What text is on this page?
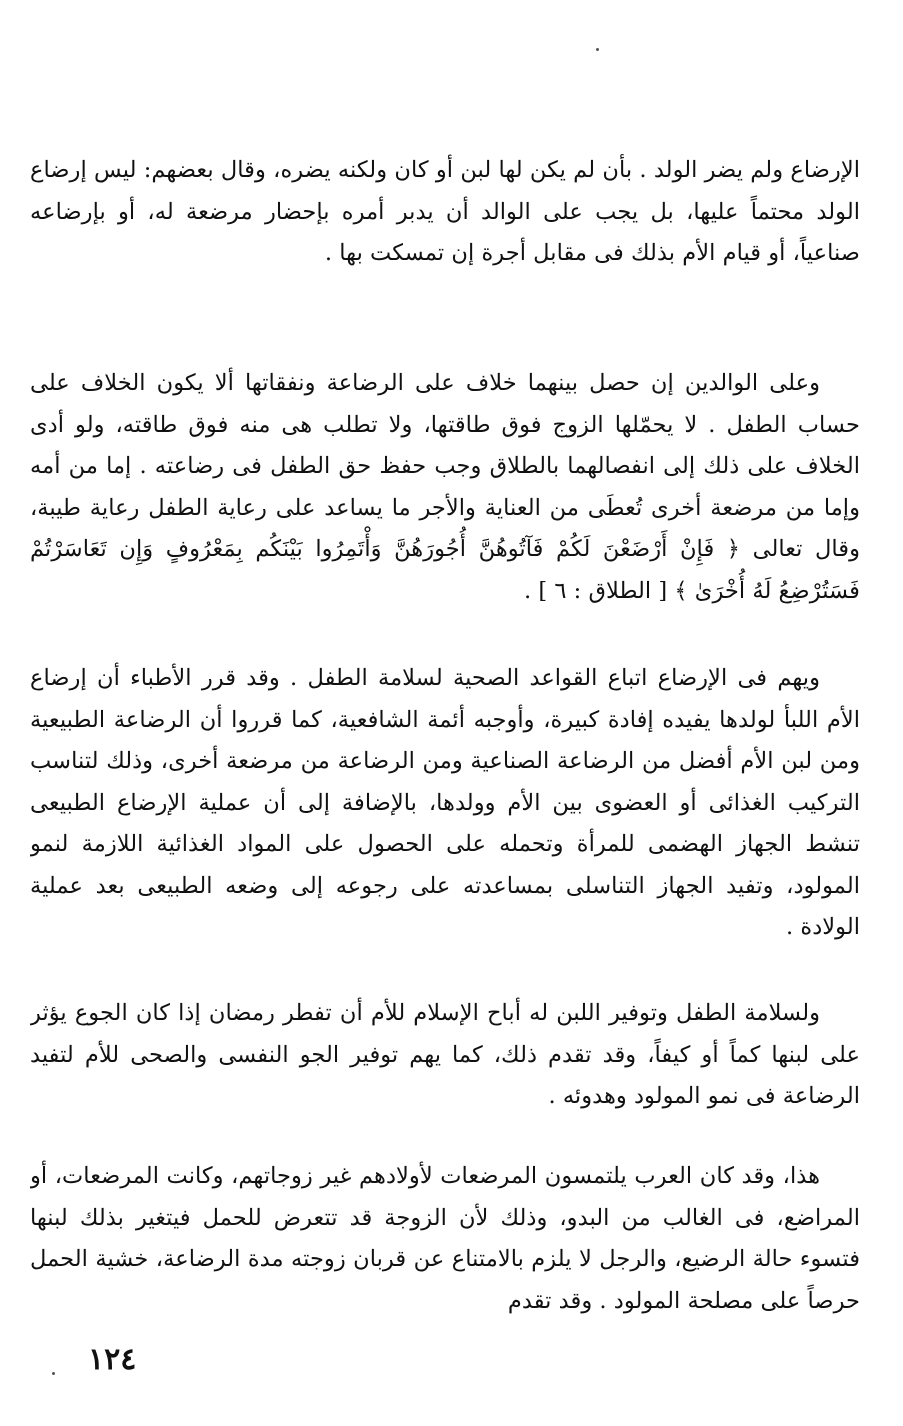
الإرضاع ولم يضر الولد . بأن لم يكن لها لبن أو كان ولكنه يضره، وقال بعضهم: ليس إرضاع الولد محتماً عليها، بل يجب على الوالد أن يدبر أمره بإحضار مرضعة له، أو بإرضاعه صناعياً، أو قيام الأم بذلك فى مقابل أجرة إن تمسكت بها .

وعلى الوالدين إن حصل بينهما خلاف على الرضاعة ونفقاتها ألا يكون الخلاف على حساب الطفل . لا يحمّلها الزوج فوق طاقتها، ولا تطلب هى منه فوق طاقته، ولو أدى الخلاف على ذلك إلى انفصالهما بالطلاق وجب حفظ حق الطفل فى رضاعته . إما من أمه وإما من مرضعة أخرى تُعطَى من العناية والأجر ما يساعد على رعاية الطفل رعاية طيبة، وقال تعالى ﴿ فَإِنْ أَرْضَعْنَ لَكُمْ فَآتُوهُنَّ أُجُورَهُنَّ وَأْتَمِرُوا بَيْنَكُم بِمَعْرُوفٍ وَإِن تَعَاسَرْتُمْ فَسَتُرْضِعُ لَهُ أُخْرَىٰ ﴾ [ الطلاق : ٦ ] .

ويهم فى الإرضاع اتباع القواعد الصحية لسلامة الطفل . وقد قرر الأطباء أن إرضاع الأم اللبأ لولدها يفيده إفادة كبيرة، وأوجبه أئمة الشافعية، كما قرروا أن الرضاعة الطبيعية ومن لبن الأم أفضل من الرضاعة الصناعية ومن الرضاعة من مرضعة أخرى، وذلك لتناسب التركيب الغذائى أو العضوى بين الأم وولدها، بالإضافة إلى أن عملية الإرضاع الطبيعى تنشط الجهاز الهضمى للمرأة وتحمله على الحصول على المواد الغذائية اللازمة لنمو المولود، وتفيد الجهاز التناسلى بمساعدته على رجوعه إلى وضعه الطبيعى بعد عملية الولادة .

ولسلامة الطفل وتوفير اللبن له أباح الإسلام للأم أن تفطر رمضان إذا كان الجوع يؤثر على لبنها كماً أو كيفاً، وقد تقدم ذلك، كما يهم توفير الجو النفسى والصحى للأم لتفيد الرضاعة فى نمو المولود وهدوئه .

هذا، وقد كان العرب يلتمسون المرضعات لأولادهم غير زوجاتهم، وكانت المرضعات، أو المراضع، فى الغالب من البدو، وذلك لأن الزوجة قد تتعرض للحمل فيتغير بذلك لبنها فتسوء حالة الرضيع، والرجل لا يلزم بالامتناع عن قربان زوجته مدة الرضاعة، خشية الحمل حرصاً على مصلحة المولود . وقد تقدم

١٢٤
